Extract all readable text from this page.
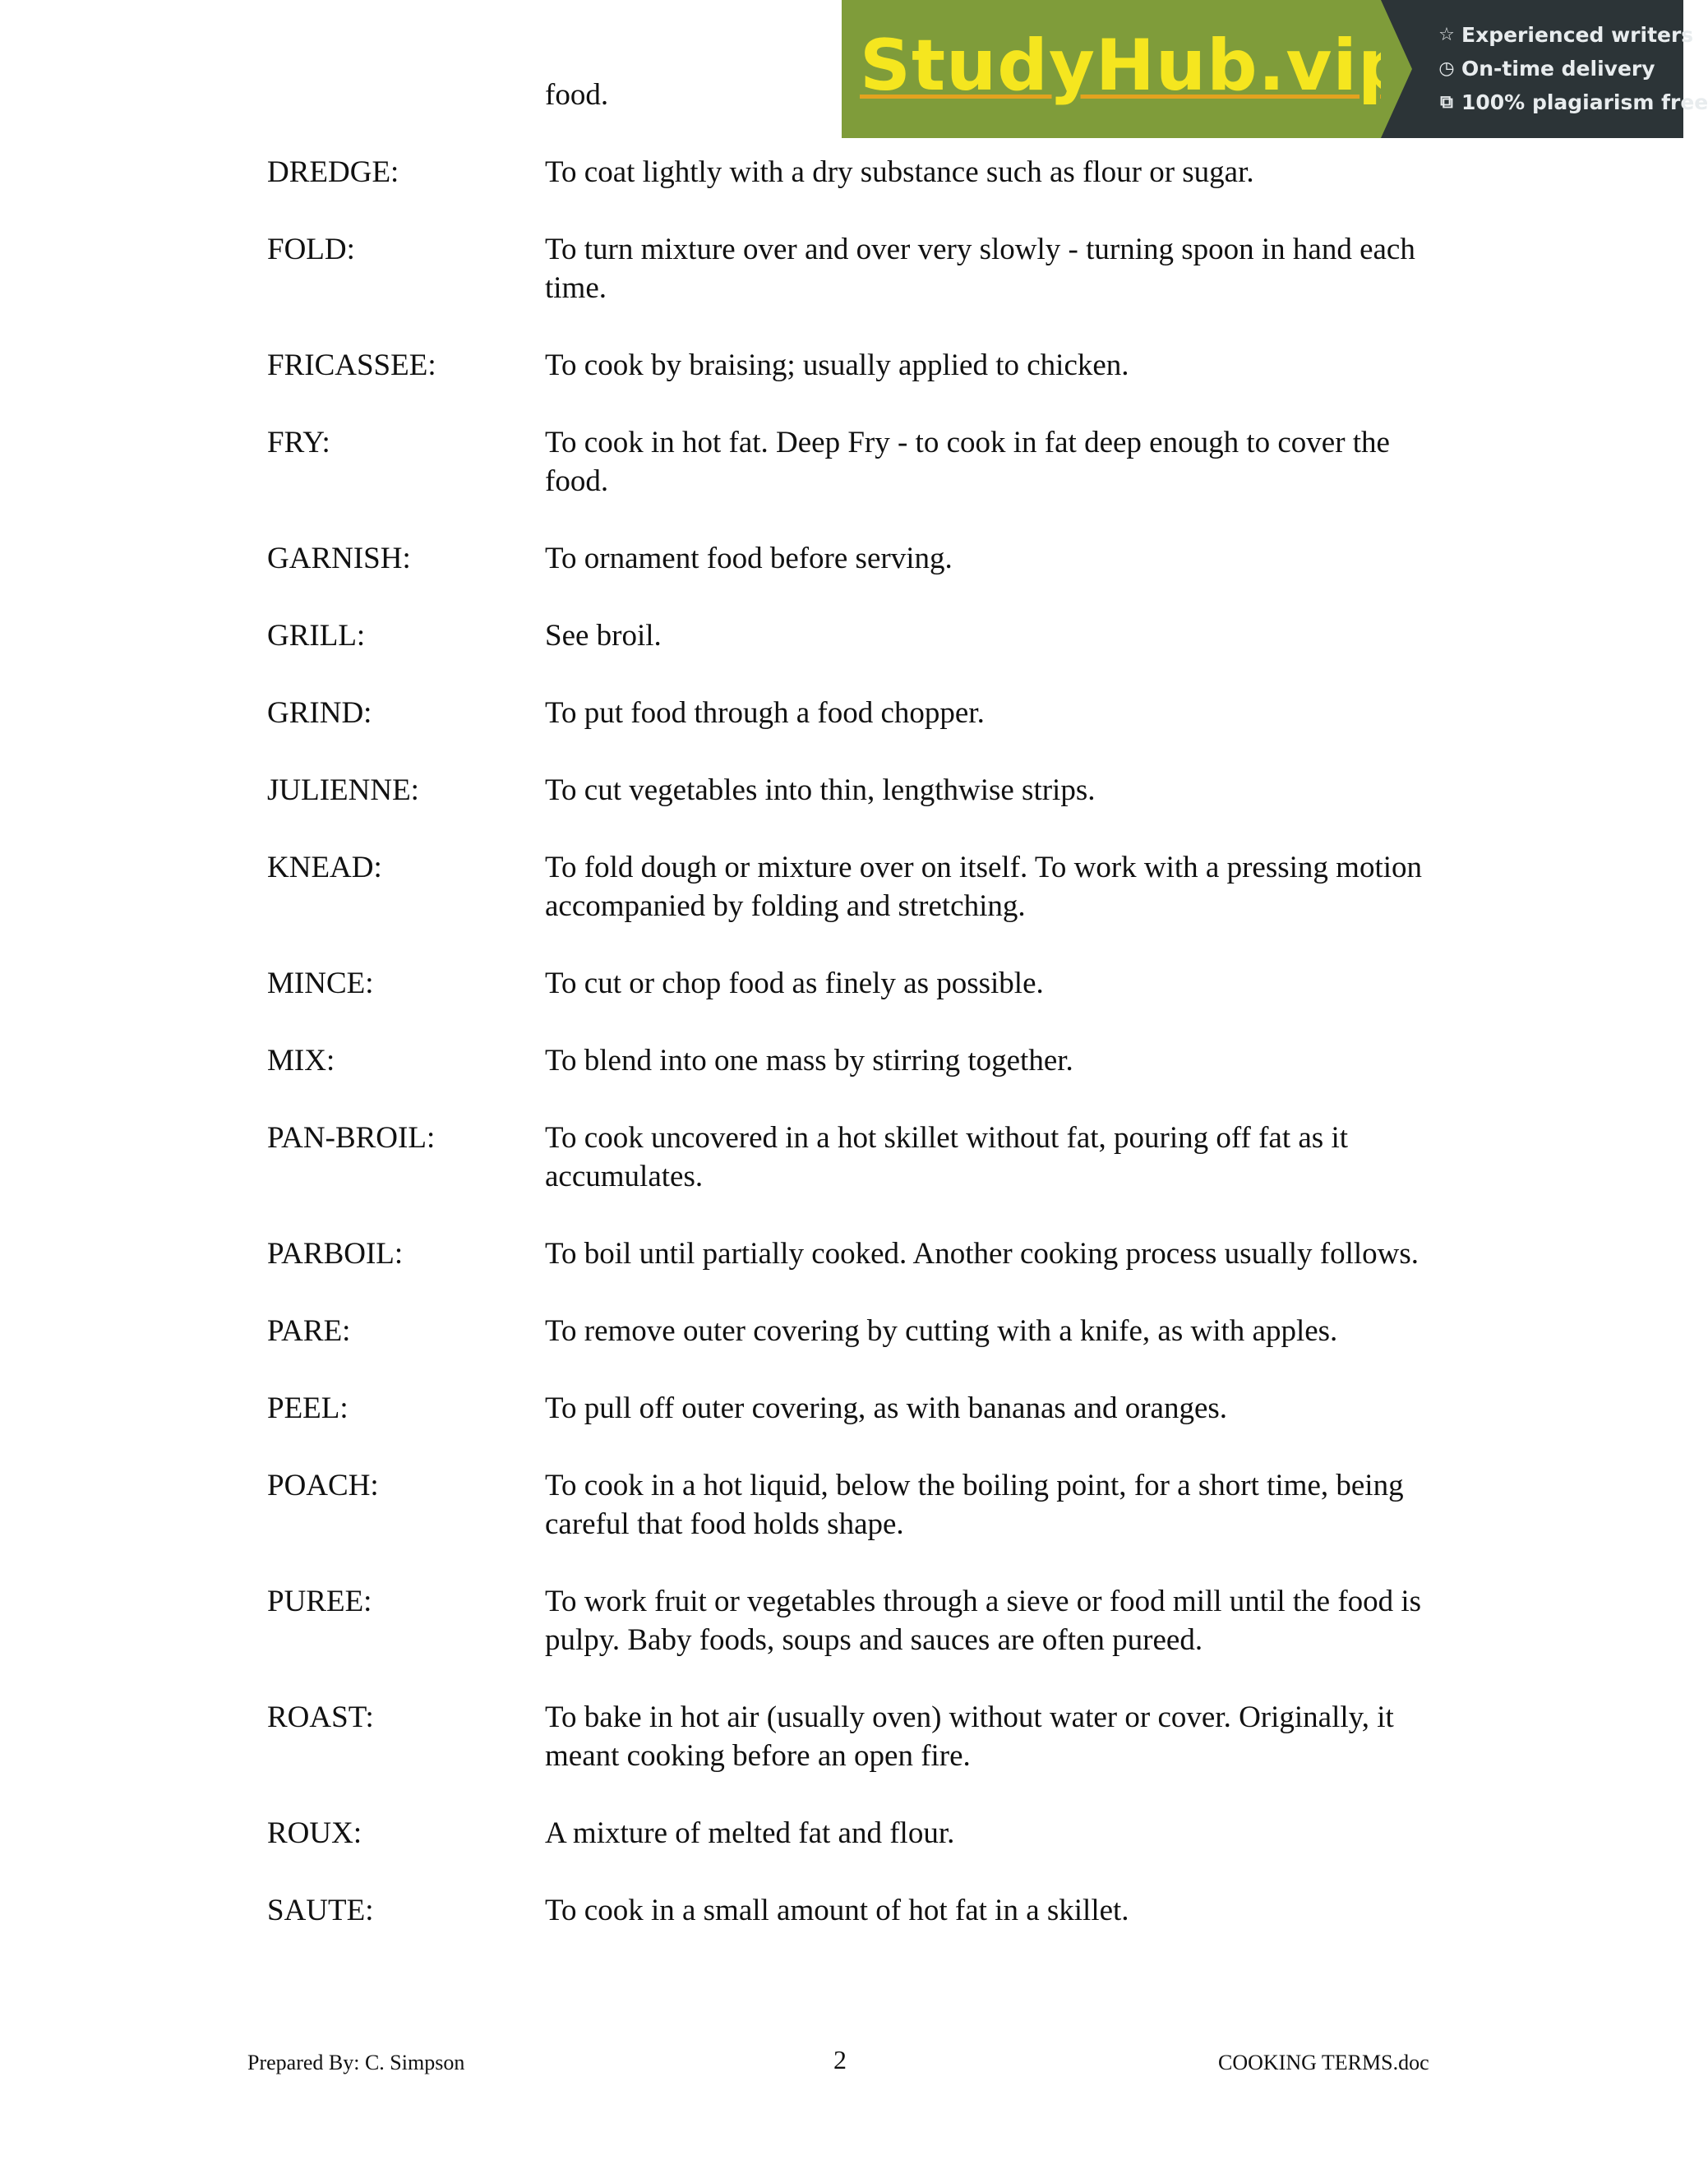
food.
DREDGE:	To coat lightly with a dry substance such as flour or sugar.
FOLD:	To turn mixture over and over very slowly - turning spoon in hand each time.
FRICASSEE:	To cook by braising; usually applied to chicken.
FRY:	To cook in hot fat. Deep Fry - to cook in fat deep enough to cover the food.
GARNISH:	To ornament food before serving.
GRILL:	See broil.
GRIND:	To put food through a food chopper.
JULIENNE:	To cut vegetables into thin, lengthwise strips.
KNEAD:	To fold dough or mixture over on itself. To work with a pressing motion accompanied by folding and stretching.
MINCE:	To cut or chop food as finely as possible.
MIX:	To blend into one mass by stirring together.
PAN-BROIL:	To cook uncovered in a hot skillet without fat, pouring off fat as it accumulates.
PARBOIL:	To boil until partially cooked. Another cooking process usually follows.
PARE:	To remove outer covering by cutting with a knife, as with apples.
PEEL:	To pull off outer covering, as with bananas and oranges.
POACH:	To cook in a hot liquid, below the boiling point, for a short time, being careful that food holds shape.
PUREE:	To work fruit or vegetables through a sieve or food mill until the food is pulpy. Baby foods, soups and sauces are often pureed.
ROAST:	To bake in hot air (usually oven) without water or cover. Originally, it meant cooking before an open fire.
ROUX:	A mixture of melted fat and flour.
SAUTE:	To cook in a small amount of hot fat in a skillet.
Prepared By: C. Simpson	2	COOKING TERMS.doc
StudyHub.vip ☆ Experienced writers
◷ On-time delivery
⧉ 100% plagiarism free
